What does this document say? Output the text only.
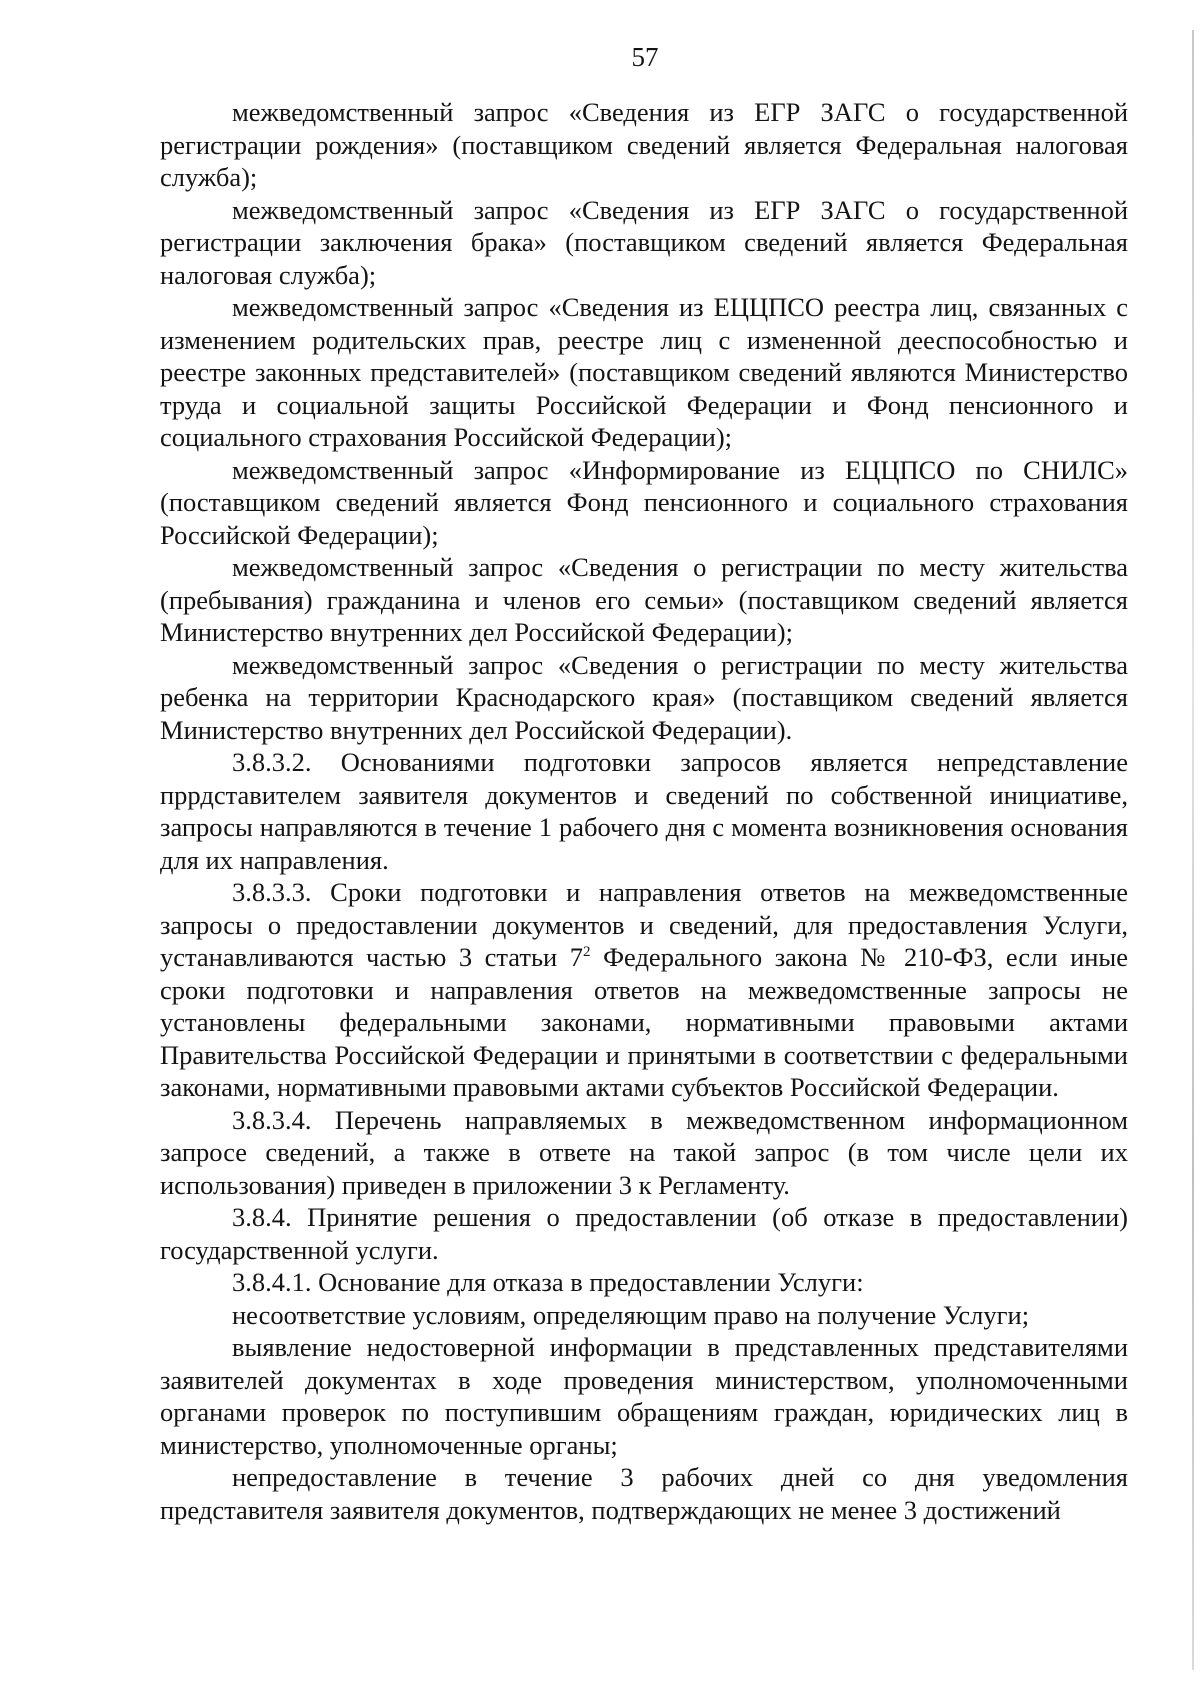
57

межведомственный запрос «Сведения из ЕГР ЗАГС о государственной регистрации рождения» (поставщиком сведений является Федеральная налоговая служба);

межведомственный запрос «Сведения из ЕГР ЗАГС о государственной регистрации заключения брака» (поставщиком сведений является Федеральная налоговая служба);

межведомственный запрос «Сведения из ЕЦЦПСО реестра лиц, связанных с изменением родительских прав, реестре лиц с измененной дееспособностью и реестре законных представителей» (поставщиком сведений являются Министерство труда и социальной защиты Российской Федерации и Фонд пенсионного и социального страхования Российской Федерации);

межведомственный запрос «Информирование из ЕЦЦПСО по СНИЛС» (поставщиком сведений является Фонд пенсионного и социального страхования Российской Федерации);

межведомственный запрос «Сведения о регистрации по месту жительства (пребывания) гражданина и членов его семьи» (поставщиком сведений является Министерство внутренних дел Российской Федерации);

межведомственный запрос «Сведения о регистрации по месту жительства ребенка на территории Краснодарского края» (поставщиком сведений является Министерство внутренних дел Российской Федерации).

3.8.3.2. Основаниями подготовки запросов является непредставление пррдставителем заявителя документов и сведений по собственной инициативе, запросы направляются в течение 1 рабочего дня с момента возникновения основания для их направления.

3.8.3.3. Сроки подготовки и направления ответов на межведомственные запросы о предоставлении документов и сведений, для предоставления Услуги, устанавливаются частью 3 статьи $7^2$ Федерального закона № 210-ФЗ, если иные сроки подготовки и направления ответов на межведомственные запросы не установлены федеральными законами, нормативными правовыми актами Правительства Российской Федерации и принятыми в соответствии с федеральными законами, нормативными правовыми актами субъектов Российской Федерации.

3.8.3.4. Перечень направляемых в межведомственном информационном запросе сведений, а также в ответе на такой запрос (в том числе цели их использования) приведен в приложении 3 к Регламенту.

3.8.4. Принятие решения о предоставлении (об отказе в предоставлении) государственной услуги.

3.8.4.1. Основание для отказа в предоставлении Услуги:

несоответствие условиям, определяющим право на получение Услуги;

выявление недостоверной информации в представленных представителями заявителей документах в ходе проведения министерством, уполномоченными органами проверок по поступившим обращениям граждан, юридических лиц в министерство, уполномоченные органы;

непредоставление в течение 3 рабочих дней со дня уведомления представителя заявителя документов, подтверждающих не менее 3 достижений
